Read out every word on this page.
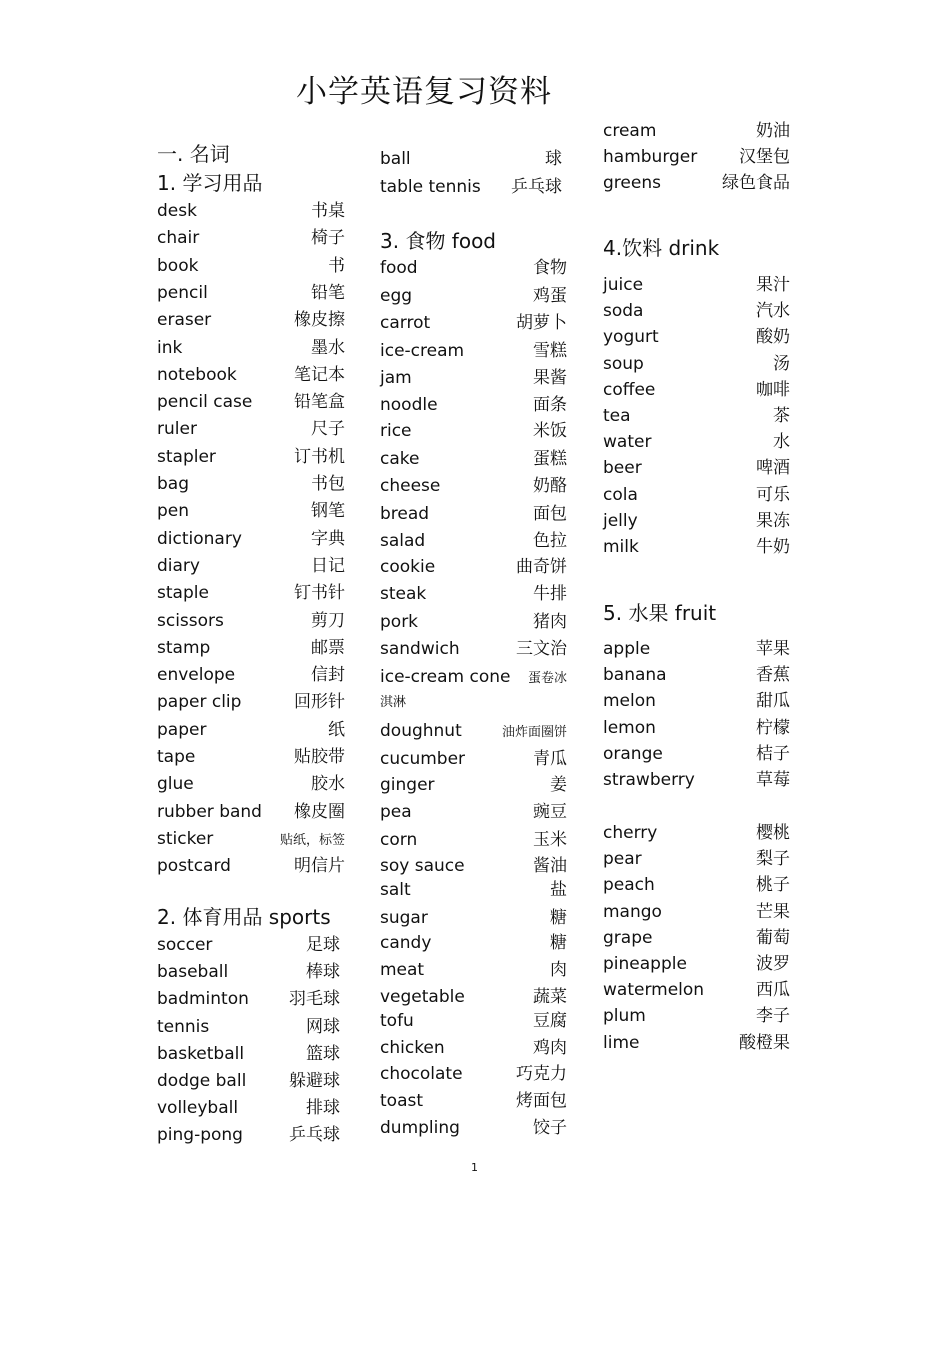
小学英语复习资料
一. 名词
1. 学习用品
desk	书桌
chair	椅子
book	书
pencil	铅笔
eraser	橡皮擦
ink	墨水
notebook	笔记本
pencil case 铅笔盒
ruler	尺子
stapler	订书机
bag	书包
pen	钢笔
dictionary	字典
diary	日记
staple	钉书针
scissors	剪刀
stamp	邮票
envelope	信封
paper clip	回形针
paper	纸
tape	贴胶带
glue	胶水
rubber band 橡皮圈
sticker	贴纸，标签
postcard	明信片
2. 体育用品 sports
soccer	足球
baseball	棒球
badminton 羽毛球
tennis	网球
basketball	篮球
dodge ball	躲避球
volleyball	排球
ping-pong	乒乓球
ball	球
table tennis 乒乓球
3. 食物 food
food	食物
egg	鸡蛋
carrot	胡萝卜
ice-cream	雪糕
jam	果酱
noodle	面条
rice	米饭
cake	蛋糕
cheese	奶酪
bread	面包
salad	色拉
cookie	曲奇饼
steak	牛排
pork	猪肉
sandwich	三文治
ice-cream cone 蛋卷冰
淇淋
doughnut	油炸面圈饼
cucumber	青瓜
ginger	姜
pea	豌豆
corn	玉米
soy sauce	酱油
salt	盐
sugar	糖
candy	糖
meat	肉
vegetable	蔬菜
tofu	豆腐
chicken	鸡肉
chocolate	巧克力
toast	烤面包
dumpling	饺子
cream	奶油
hamburger 汉堡包
greens	绿色食品
4.饮料 drink
juice	果汁
soda	汽水
yogurt	酸奶
soup	汤
coffee	咖啡
tea	茶
water	水
beer	啤酒
cola	可乐
jelly	果冻
milk	牛奶
5. 水果 fruit
apple	苹果
banana	香蕉
melon	甜瓜
lemon	柠檬
orange	桔子
strawberry	草莓
cherry	樱桃
pear	梨子
peach	桃子
mango	芒果
grape	葡萄
pineapple	波罗
watermelon	西瓜
plum	李子
lime	酸橙果
1
